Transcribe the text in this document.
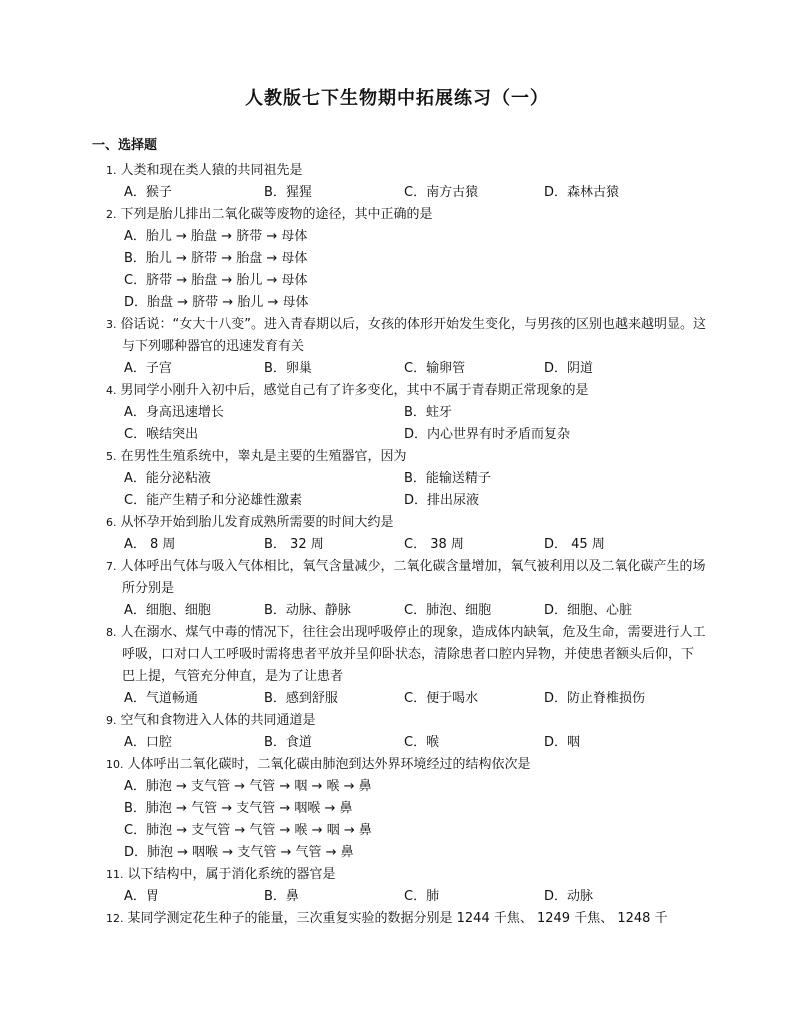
人教版七下生物期中拓展练习（一）
一、选择题
1. 人类和现在类人猿的共同祖先是
A．猴子	B．猩猩	C．南方古猿	D．森林古猿
2. 下列是胎儿排出二氧化碳等废物的途径，其中正确的是
A．胎儿 → 胎盘 → 脐带 → 母体
B．胎儿 → 脐带 → 胎盘 → 母体
C．脐带 → 胎盘 → 胎儿 → 母体
D．胎盘 → 脐带 → 胎儿 → 母体
3. 俗话说：“女大十八变”。进入青春期以后，女孩的体形开始发生变化，与男孩的区别也越来越明显。这与下列哪种器官的迅速发育有关
A．子宫	B．卵巢	C．输卵管	D．阴道
4. 男同学小刚升入初中后，感觉自己有了许多变化，其中不属于青春期正常现象的是
A．身高迅速增长	B．蛀牙
C．喉结突出	D．内心世界有时矛盾而复杂
5. 在男性生殖系统中，睾丸是主要的生殖器官，因为
A．能分泌粘液	B．能输送精子
C．能产生精子和分泌雄性激素	D．排出尿液
6. 从怀孕开始到胎儿发育成熟所需要的时间大约是
A． 8 周	B． 32 周	C． 38 周	D． 45 周
7. 人体呼出气体与吸入气体相比，氧气含量减少，二氧化碳含量增加，氧气被利用以及二氧化碳产生的场所分别是
A．细胞、细胞	B．动脉、静脉	C．肺泡、细胞	D．细胞、心脏
8. 人在溺水、煤气中毒的情况下，往往会出现呼吸停止的现象，造成体内缺氧，危及生命，需要进行人工呼吸，口对口人工呼吸时需将患者平放并呈仰卧状态，清除患者口腔内异物，并使患者额头后仰，下巴上提，气管充分伸直，是为了让患者
A．气道畅通	B．感到舒服	C．便于喝水	D．防止脊椎损伤
9. 空气和食物进入人体的共同通道是
A．口腔	B．食道	C．喉	D．咽
10. 人体呼出二氧化碳时，二氧化碳由肺泡到达外界环境经过的结构依次是
A．肺泡 → 支气管 → 气管 → 咽 → 喉 → 鼻
B．肺泡 → 气管 → 支气管 → 咽喉 → 鼻
C．肺泡 → 支气管 → 气管 → 喉 → 咽 → 鼻
D．肺泡 → 咽喉 → 支气管 → 气管 → 鼻
11. 以下结构中，属于消化系统的器官是
A．胃	B．鼻	C．肺	D．动脉
12. 某同学测定花生种子的能量，三次重复实验的数据分别是 1244 千焦、 1249 千焦、 1248 千
